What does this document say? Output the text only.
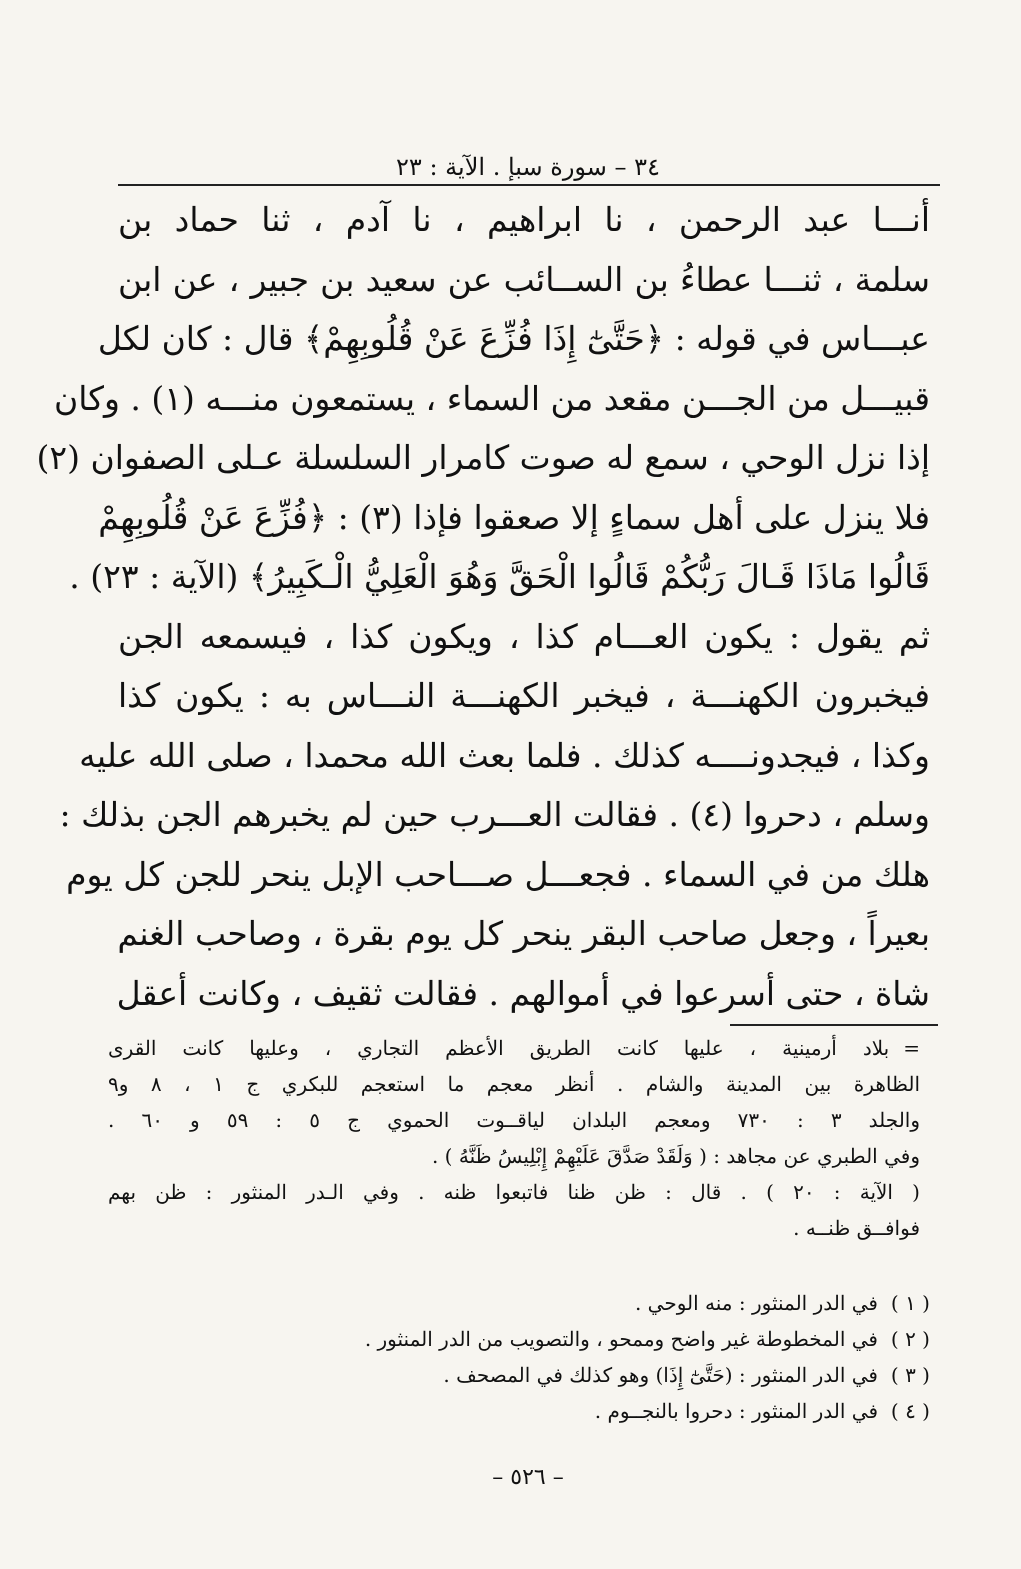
٣٤ – سورة سبإ . الآية : ٢٣
أنـــا عبد الرحمن ، نا ابراهيم ، نا آدم ، ثنا حماد بن
سلمة ، ثنـــا عطاءُ بن الســائب عن سعيد بن جبير ، عن ابن
عبـــاس في قوله : ﴿حَتَّىٰٓ إِذَا فُزِّعَ عَنْ قُلُوبِهِمْ﴾ قال : كان لكل
قبيـــل من الجـــن مقعد من السماء ، يستمعون منـــه (١) . وكان
إذا نزل الوحي ، سمع له صوت كامرار السلسلة عـلى الصفوان (٢)
فلا ينزل على أهل سماءٍ إلا صعقوا فإذا (٣) : ﴿فُزِّعَ عَنْ قُلُوبِهِمْ
قَالُوا مَاذَا قَـالَ رَبُّكُمْ قَالُوا الْحَقَّ وَهُوَ الْعَلِيُّ الْـكَبِيرُ﴾ (الآية : ٢٣) .
ثم يقول : يكون العـــام كذا ، ويكون كذا ، فيسمعه الجن
فيخبرون الكهنـــة ، فيخبر الكهنـــة النـــاس به : يكون كذا
وكذا ، فيجدونــــه كذلك . فلما بعث الله محمدا ، صلى الله عليه
وسلم ، دحروا (٤) . فقالت العـــرب حين لم يخبرهم الجن بذلك :
هلك من في السماء . فجعـــل صـــاحب الإبل ينحر للجن كل يوم
بعيراً ، وجعل صاحب البقر ينحر كل يوم بقرة ، وصاحب الغنم
شاة ، حتى أسرعوا في أموالهم . فقالت ثقيف ، وكانت أعقل
=بلاد أرمينية ، عليها كانت الطريق الأعظم التجاري ، وعليها كانت القرى
الظاهرة بين المدينة والشام . أنظر معجم ما استعجم للبكري ج ١ ، ٨ و٩
والجلد ٣ : ٧٣٠ ومعجم البلدان لياقــوت الحموي ج ٥ : ٥٩ و ٦٠ .
وفي الطبري عن مجاهد : ( وَلَقَدْ صَدَّقَ عَلَيْهِمْ إِبْلِيسُ ظَنَّهُ ) .
( الآية : ٢٠ ) . قال : ظن ظنا فاتبعوا ظنه . وفي الـدر المنثور : ظن بهم
فوافــق ظنــه .
( ١ )في الدر المنثور : منه الوحي .
( ٢ )في المخطوطة غير واضح وممحو ، والتصويب من الدر المنثور .
( ٣ )في الدر المنثور : (حَتَّىٰٓ إِذَا) وهو كذلك في المصحف .
( ٤ )في الدر المنثور : دحروا بالنجــوم .
– ٥٢٦ –
